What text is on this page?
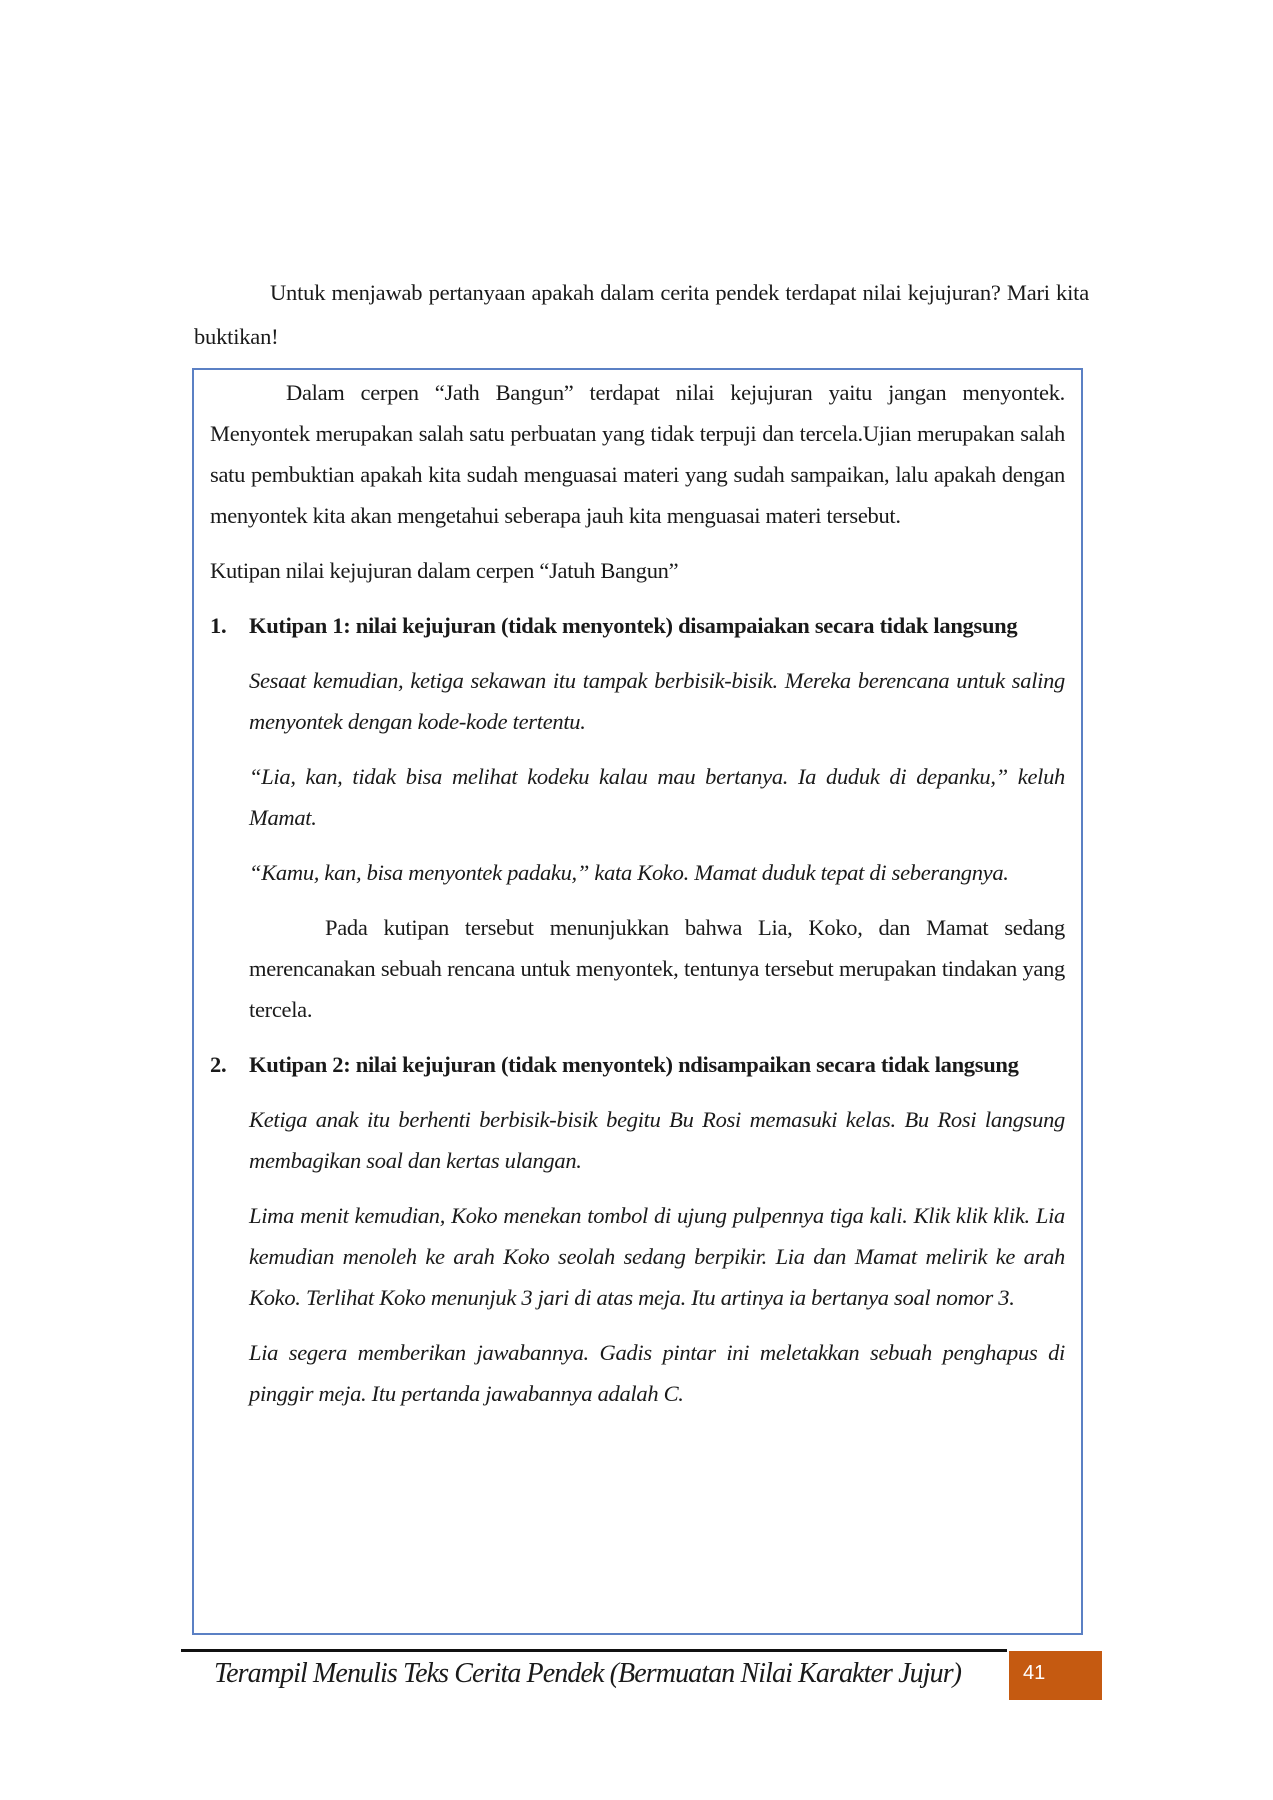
Untuk menjawab pertanyaan apakah dalam cerita pendek terdapat nilai kejujuran? Mari kita buktikan!

Dalam cerpen “Jath Bangun” terdapat nilai kejujuran yaitu jangan menyontek. Menyontek merupakan salah satu perbuatan yang tidak terpuji dan tercela.Ujian merupakan salah satu pembuktian apakah kita sudah menguasai materi yang sudah sampaikan, lalu apakah dengan menyontek kita akan mengetahui seberapa jauh kita menguasai materi tersebut.

Kutipan nilai kejujuran dalam cerpen “Jatuh Bangun”

1. Kutipan 1: nilai kejujuran (tidak menyontek) disampaiakan secara tidak langsung

Sesaat kemudian, ketiga sekawan itu tampak berbisik-bisik. Mereka berencana untuk saling menyontek dengan kode-kode tertentu.

“Lia, kan, tidak bisa melihat kodeku kalau mau bertanya. Ia duduk di depanku,” keluh Mamat.

“Kamu, kan, bisa menyontek padaku,” kata Koko. Mamat duduk tepat di seberangnya.

Pada kutipan tersebut menunjukkan bahwa Lia, Koko, dan Mamat sedang merencanakan sebuah rencana untuk menyontek, tentunya tersebut merupakan tindakan yang tercela.

2. Kutipan 2: nilai kejujuran (tidak menyontek) ndisampaikan secara tidak langsung

Ketiga anak itu berhenti berbisik-bisik begitu Bu Rosi memasuki kelas. Bu Rosi langsung membagikan soal dan kertas ulangan.

Lima menit kemudian, Koko menekan tombol di ujung pulpennya tiga kali. Klik klik klik. Lia kemudian menoleh ke arah Koko seolah sedang berpikir. Lia dan Mamat melirik ke arah Koko. Terlihat Koko menunjuk 3 jari di atas meja. Itu artinya ia bertanya soal nomor 3.

Lia segera memberikan jawabannya. Gadis pintar ini meletakkan sebuah penghapus di pinggir meja. Itu pertanda jawabannya adalah C.

Terampil Menulis Teks Cerita Pendek (Bermuatan Nilai Karakter Jujur)	41
